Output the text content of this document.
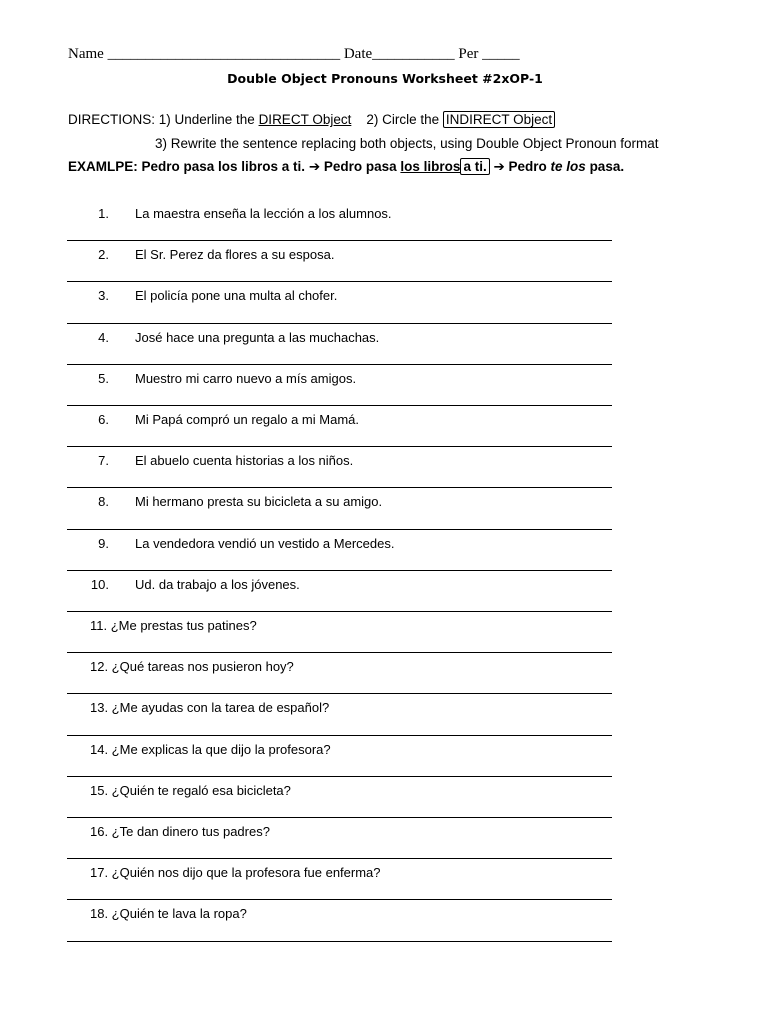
Name _______________________________ Date___________ Per _____
Double Object Pronouns Worksheet #2xOP-1
DIRECTIONS: 1) Underline the DIRECT Object    2) Circle the INDIRECT Object
3) Rewrite the sentence replacing both objects, using Double Object Pronoun format
EXAMLPE: Pedro pasa los libros a ti. ➔ Pedro pasa los libros a ti. ➔ Pedro te los pasa.
1. La maestra enseña la lección a los alumnos.
2. El Sr. Perez da flores a su esposa.
3. El policía pone una multa al chofer.
4. José hace una pregunta a las muchachas.
5. Muestro mi carro nuevo a mís amigos.
6. Mi Papá compró un regalo a mi Mamá.
7. El abuelo cuenta historias a los niños.
8. Mi hermano presta su bicicleta a su amigo.
9. La vendedora vendió un vestido a Mercedes.
10. Ud. da trabajo a los jóvenes.
11. ¿Me prestas tus patines?
12. ¿Qué tareas nos pusieron hoy?
13. ¿Me ayudas con la tarea de español?
14. ¿Me explicas la que dijo la profesora?
15. ¿Quién te regaló esa bicicleta?
16. ¿Te dan dinero tus padres?
17. ¿Quién nos dijo que la profesora fue enferma?
18. ¿Quién te lava la ropa?
